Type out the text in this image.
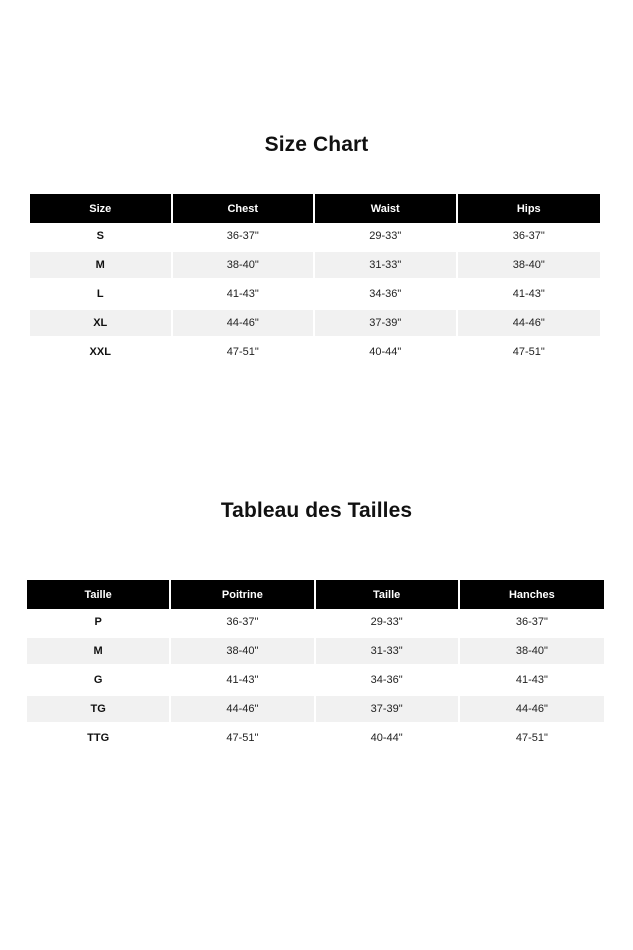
Size Chart
Size	Chest	Waist	Hips
S	36-37"	29-33"	36-37"
M	38-40"	31-33"	38-40"
L	41-43"	34-36"	41-43"
XL	44-46"	37-39"	44-46"
XXL	47-51"	40-44"	47-51"
Tableau des Tailles
Taille	Poitrine	Taille	Hanches
P	36-37"	29-33"	36-37"
M	38-40"	31-33"	38-40"
G	41-43"	34-36"	41-43"
TG	44-46"	37-39"	44-46"
TTG	47-51"	40-44"	47-51"
